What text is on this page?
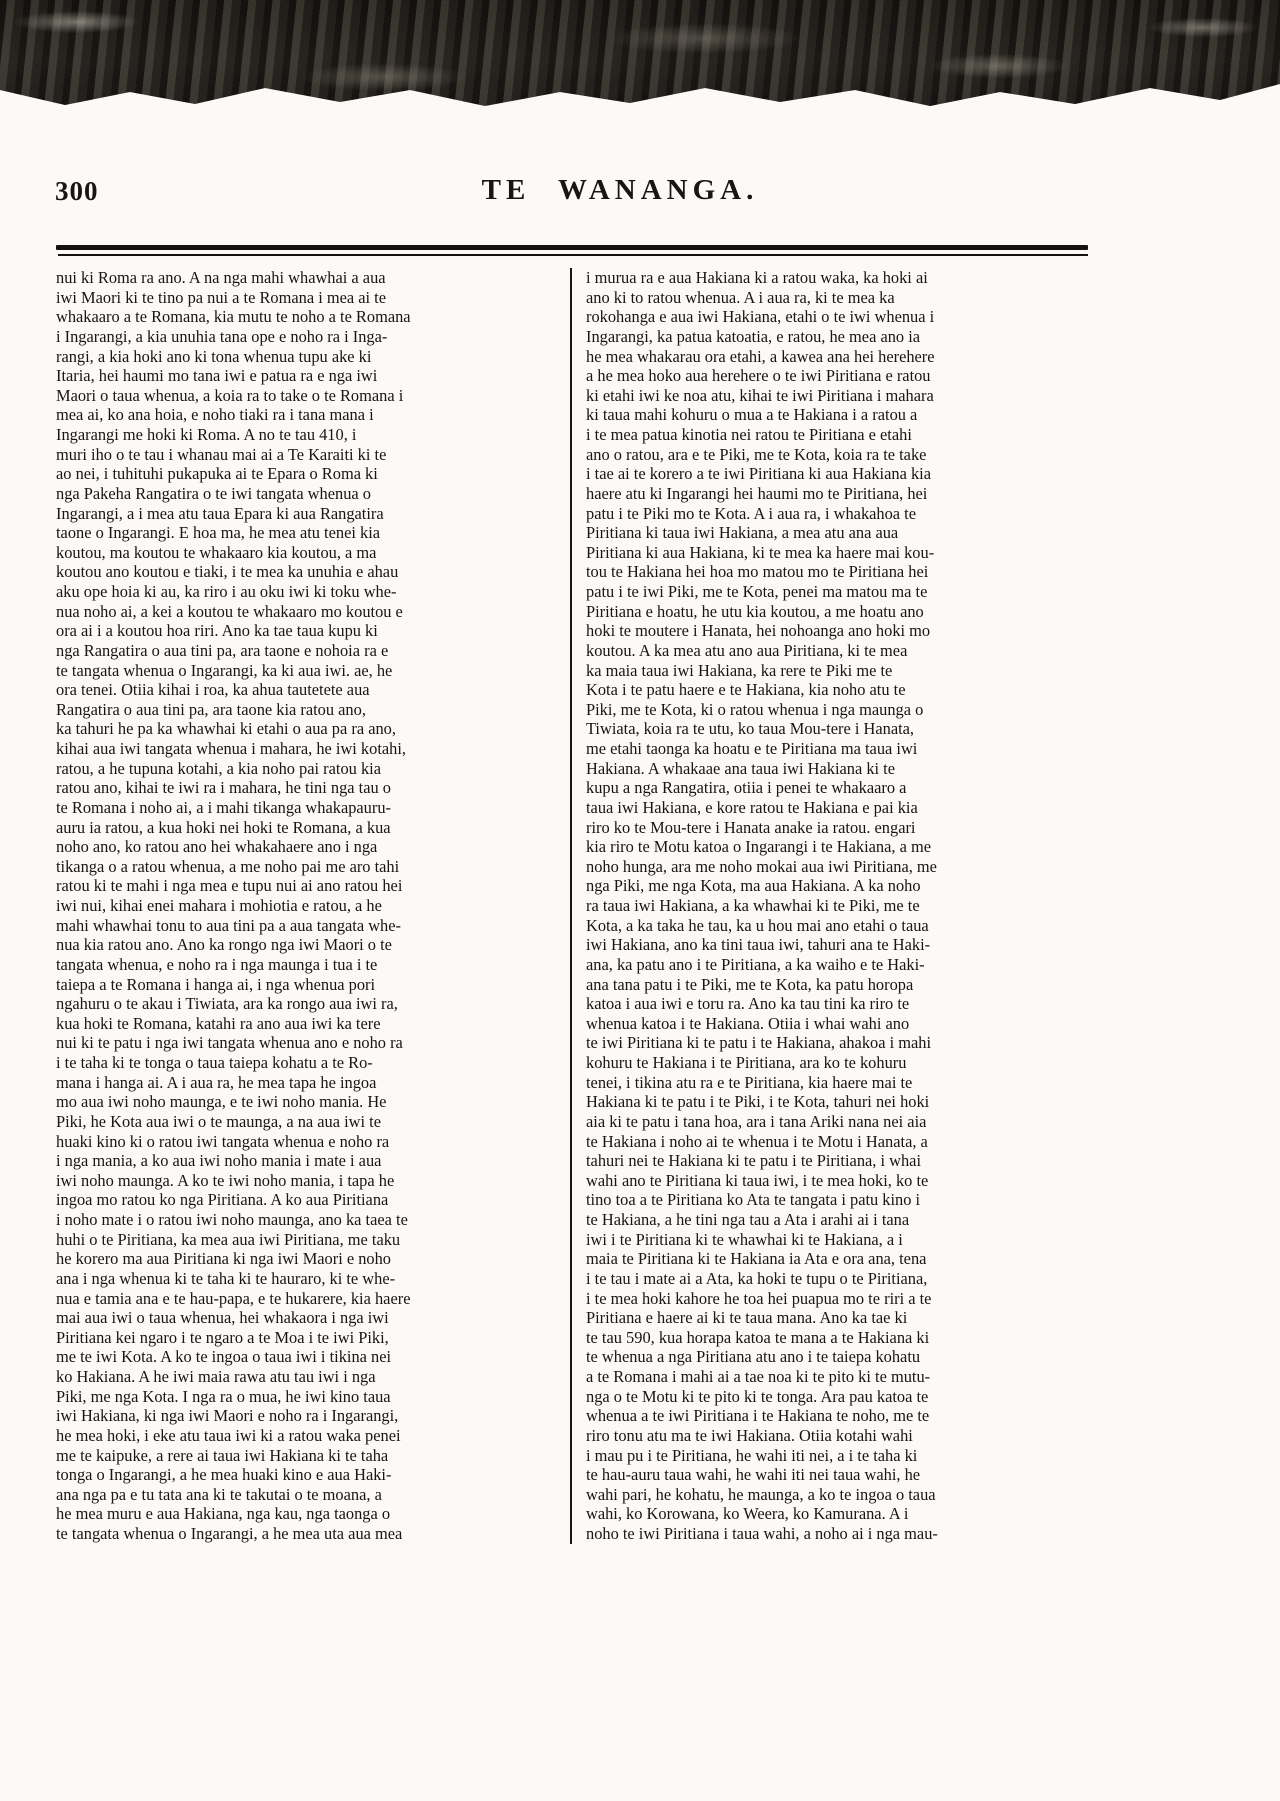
300	TE WANANGA.
nui ki Roma ra ano. A na nga mahi whawhai a aua
iwi Maori ki te tino pa nui a te Romana i mea ai te
whakaaro a te Romana, kia mutu te noho a te Romana
i Ingarangi, a kia unuhia tana ope e noho ra i Inga-
rangi, a kia hoki ano ki tona whenua tupu ake ki
Itaria, hei haumi mo tana iwi e patua ra e nga iwi
Maori o taua whenua, a koia ra to take o te Romana i
mea ai, ko ana hoia, e noho tiaki ra i tana mana i
Ingarangi me hoki ki Roma. A no te tau 410, i
muri iho o te tau i whanau mai ai a Te Karaiti ki te
ao nei, i tuhituhi pukapuka ai te Epara o Roma ki
nga Pakeha Rangatira o te iwi tangata whenua o
Ingarangi, a i mea atu taua Epara ki aua Rangatira
taone o Ingarangi. E hoa ma, he mea atu tenei kia
koutou, ma koutou te whakaaro kia koutou, a ma
koutou ano koutou e tiaki, i te mea ka unuhia e ahau
aku ope hoia ki au, ka riro i au oku iwi ki toku whe-
nua noho ai, a kei a koutou te whakaaro mo koutou e
ora ai i a koutou hoa riri. Ano ka tae taua kupu ki
nga Rangatira o aua tini pa, ara taone e nohoia ra e
te tangata whenua o Ingarangi, ka ki aua iwi. ae, he
ora tenei. Otiia kihai i roa, ka ahua tautetete aua
Rangatira o aua tini pa, ara taone kia ratou ano,
ka tahuri he pa ka whawhai ki etahi o aua pa ra ano,
kihai aua iwi tangata whenua i mahara, he iwi kotahi,
ratou, a he tupuna kotahi, a kia noho pai ratou kia
ratou ano, kihai te iwi ra i mahara, he tini nga tau o
te Romana i noho ai, a i mahi tikanga whakapauru-
auru ia ratou, a kua hoki nei hoki te Romana, a kua
noho ano, ko ratou ano hei whakahaere ano i nga
tikanga o a ratou whenua, a me noho pai me aro tahi
ratou ki te mahi i nga mea e tupu nui ai ano ratou hei
iwi nui, kihai enei mahara i mohiotia e ratou, a he
mahi whawhai tonu to aua tini pa a aua tangata whe-
nua kia ratou ano. Ano ka rongo nga iwi Maori o te
tangata whenua, e noho ra i nga maunga i tua i te
taiepa a te Romana i hanga ai, i nga whenua pori
ngahuru o te akau i Tiwiata, ara ka rongo aua iwi ra,
kua hoki te Romana, katahi ra ano aua iwi ka tere
nui ki te patu i nga iwi tangata whenua ano e noho ra
i te taha ki te tonga o taua taiepa kohatu a te Ro-
mana i hanga ai. A i aua ra, he mea tapa he ingoa
mo aua iwi noho maunga, e te iwi noho mania. He
Piki, he Kota aua iwi o te maunga, a na aua iwi te
huaki kino ki o ratou iwi tangata whenua e noho ra
i nga mania, a ko aua iwi noho mania i mate i aua
iwi noho maunga. A ko te iwi noho mania, i tapa he
ingoa mo ratou ko nga Piritiana. A ko aua Piritiana
i noho mate i o ratou iwi noho maunga, ano ka taea te
huhi o te Piritiana, ka mea aua iwi Piritiana, me taku
he korero ma aua Piritiana ki nga iwi Maori e noho
ana i nga whenua ki te taha ki te hauraro, ki te whe-
nua e tamia ana e te hau-papa, e te hukarere, kia haere
mai aua iwi o taua whenua, hei whakaora i nga iwi
Piritiana kei ngaro i te ngaro a te Moa i te iwi Piki,
me te iwi Kota. A ko te ingoa o taua iwi i tikina nei
ko Hakiana. A he iwi maia rawa atu tau iwi i nga
Piki, me nga Kota. I nga ra o mua, he iwi kino taua
iwi Hakiana, ki nga iwi Maori e noho ra i Ingarangi,
he mea hoki, i eke atu taua iwi ki a ratou waka penei
me te kaipuke, a rere ai taua iwi Hakiana ki te taha
tonga o Ingarangi, a he mea huaki kino e aua Haki-
ana nga pa e tu tata ana ki te takutai o te moana, a
he mea muru e aua Hakiana, nga kau, nga taonga o
te tangata whenua o Ingarangi, a he mea uta aua mea
i murua ra e aua Hakiana ki a ratou waka, ka hoki ai
ano ki to ratou whenua. A i aua ra, ki te mea ka
rokohanga e aua iwi Hakiana, etahi o te iwi whenua i
Ingarangi, ka patua katoatia, e ratou, he mea ano ia
he mea whakarau ora etahi, a kawea ana hei herehere
a he mea hoko aua herehere o te iwi Piritiana e ratou
ki etahi iwi ke noa atu, kihai te iwi Piritiana i mahara
ki taua mahi kohuru o mua a te Hakiana i a ratou a
i te mea patua kinotia nei ratou te Piritiana e etahi
ano o ratou, ara e te Piki, me te Kota, koia ra te take
i tae ai te korero a te iwi Piritiana ki aua Hakiana kia
haere atu ki Ingarangi hei haumi mo te Piritiana, hei
patu i te Piki mo te Kota. A i aua ra, i whakahoa te
Piritiana ki taua iwi Hakiana, a mea atu ana aua
Piritiana ki aua Hakiana, ki te mea ka haere mai kou-
tou te Hakiana hei hoa mo matou mo te Piritiana hei
patu i te iwi Piki, me te Kota, penei ma matou ma te
Piritiana e hoatu, he utu kia koutou, a me hoatu ano
hoki te moutere i Hanata, hei nohoanga ano hoki mo
koutou. A ka mea atu ano aua Piritiana, ki te mea
ka maia taua iwi Hakiana, ka rere te Piki me te
Kota i te patu haere e te Hakiana, kia noho atu te
Piki, me te Kota, ki o ratou whenua i nga maunga o
Tiwiata, koia ra te utu, ko taua Mou-tere i Hanata,
me etahi taonga ka hoatu e te Piritiana ma taua iwi
Hakiana. A whakaae ana taua iwi Hakiana ki te
kupu a nga Rangatira, otiia i penei te whakaaro a
taua iwi Hakiana, e kore ratou te Hakiana e pai kia
riro ko te Mou-tere i Hanata anake ia ratou. engari
kia riro te Motu katoa o Ingarangi i te Hakiana, a me
noho hunga, ara me noho mokai aua iwi Piritiana, me
nga Piki, me nga Kota, ma aua Hakiana. A ka noho
ra taua iwi Hakiana, a ka whawhai ki te Piki, me te
Kota, a ka taka he tau, ka u hou mai ano etahi o taua
iwi Hakiana, ano ka tini taua iwi, tahuri ana te Haki-
ana, ka patu ano i te Piritiana, a ka waiho e te Haki-
ana tana patu i te Piki, me te Kota, ka patu horopa
katoa i aua iwi e toru ra. Ano ka tau tini ka riro te
whenua katoa i te Hakiana. Otiia i whai wahi ano
te iwi Piritiana ki te patu i te Hakiana, ahakoa i mahi
kohuru te Hakiana i te Piritiana, ara ko te kohuru
tenei, i tikina atu ra e te Piritiana, kia haere mai te
Hakiana ki te patu i te Piki, i te Kota, tahuri nei hoki
aia ki te patu i tana hoa, ara i tana Ariki nana nei aia
te Hakiana i noho ai te whenua i te Motu i Hanata, a
tahuri nei te Hakiana ki te patu i te Piritiana, i whai
wahi ano te Piritiana ki taua iwi, i te mea hoki, ko te
tino toa a te Piritiana ko Ata te tangata i patu kino i
te Hakiana, a he tini nga tau a Ata i arahi ai i tana
iwi i te Piritiana ki te whawhai ki te Hakiana, a i
maia te Piritiana ki te Hakiana ia Ata e ora ana, tena
i te tau i mate ai a Ata, ka hoki te tupu o te Piritiana,
i te mea hoki kahore he toa hei puapua mo te riri a te
Piritiana e haere ai ki te taua mana. Ano ka tae ki
te tau 590, kua horapa katoa te mana a te Hakiana ki
te whenua a nga Piritiana atu ano i te taiepa kohatu
a te Romana i mahi ai a tae noa ki te pito ki te mutu-
nga o te Motu ki te pito ki te tonga. Ara pau katoa te
whenua a te iwi Piritiana i te Hakiana te noho, me te
riro tonu atu ma te iwi Hakiana. Otiia kotahi wahi
i mau pu i te Piritiana, he wahi iti nei, a i te taha ki
te hau-auru taua wahi, he wahi iti nei taua wahi, he
wahi pari, he kohatu, he maunga, a ko te ingoa o taua
wahi, ko Korowana, ko Weera, ko Kamurana. A i
noho te iwi Piritiana i taua wahi, a noho ai i nga mau-
